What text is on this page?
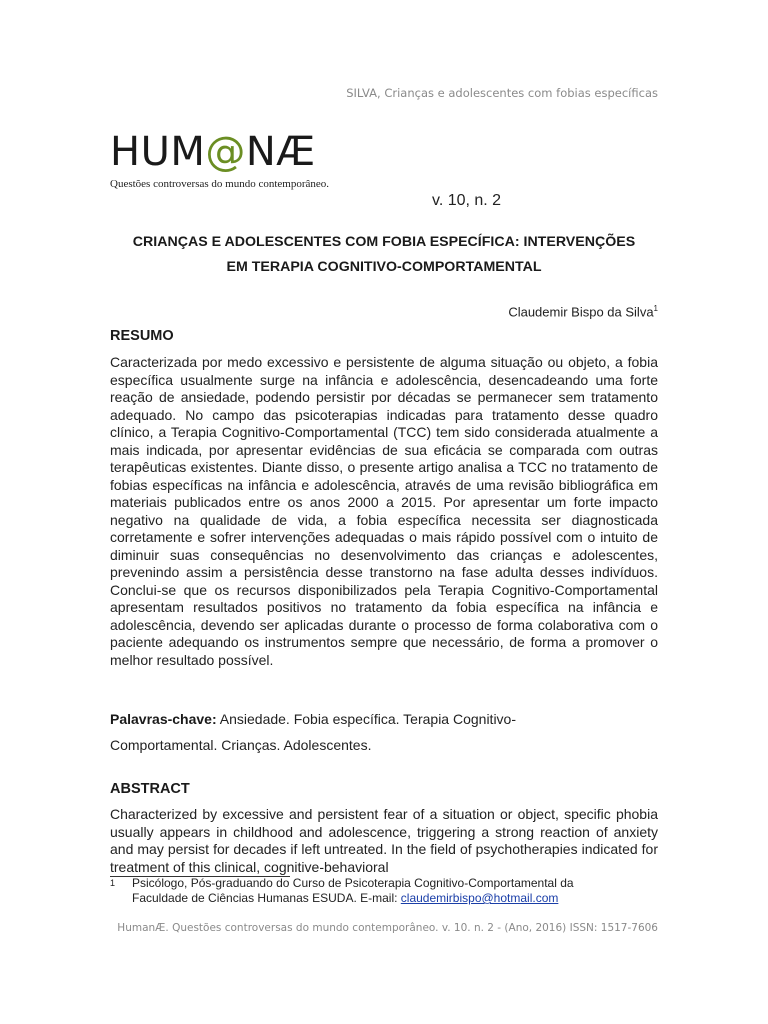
SILVA, Crianças e adolescentes com fobias específicas
HUM@NÆ
Questões controversas do mundo contemporâneo.
v. 10, n. 2
CRIANÇAS E ADOLESCENTES COM FOBIA ESPECÍFICA: INTERVENÇÕES
EM TERAPIA COGNITIVO-COMPORTAMENTAL
Claudemir Bispo da Silva$^1$
RESUMO
Caracterizada por medo excessivo e persistente de alguma situação ou objeto, a fobia específica usualmente surge na infância e adolescência, desencadeando uma forte reação de ansiedade, podendo persistir por décadas se permanecer sem tratamento adequado. No campo das psicoterapias indicadas para tratamento desse quadro clínico, a Terapia Cognitivo-Comportamental (TCC) tem sido considerada atualmente a mais indicada, por apresentar evidências de sua eficácia se comparada com outras terapêuticas existentes. Diante disso, o presente artigo analisa a TCC no tratamento de fobias específicas na infância e adolescência, através de uma revisão bibliográfica em materiais publicados entre os anos 2000 a 2015. Por apresentar um forte impacto negativo na qualidade de vida, a fobia específica necessita ser diagnosticada corretamente e sofrer intervenções adequadas o mais rápido possível com o intuito de diminuir suas consequências no desenvolvimento das crianças e adolescentes, prevenindo assim a persistência desse transtorno na fase adulta desses indivíduos. Conclui-se que os recursos disponibilizados pela Terapia Cognitivo-Comportamental apresentam resultados positivos no tratamento da fobia específica na infância e adolescência, devendo ser aplicadas durante o processo de forma colaborativa com o paciente adequando os instrumentos sempre que necessário, de forma a promover o melhor resultado possível.
Palavras-chave: Ansiedade. Fobia específica. Terapia Cognitivo-
Comportamental. Crianças. Adolescentes.
ABSTRACT
Characterized by excessive and persistent fear of a situation or object, specific phobia usually appears in childhood and adolescence, triggering a strong reaction of anxiety and may persist for decades if left untreated. In the field of psychotherapies indicated for treatment of this clinical, cognitive-behavioral
1 Psicólogo, Pós-graduando do Curso de Psicoterapia Cognitivo-Comportamental da
Faculdade de Ciências Humanas ESUDA. E-mail: claudemirbispo@hotmail.com
HumanÆ. Questões controversas do mundo contemporâneo. v. 10. n. 2 - (Ano, 2016) ISSN: 1517-7606
